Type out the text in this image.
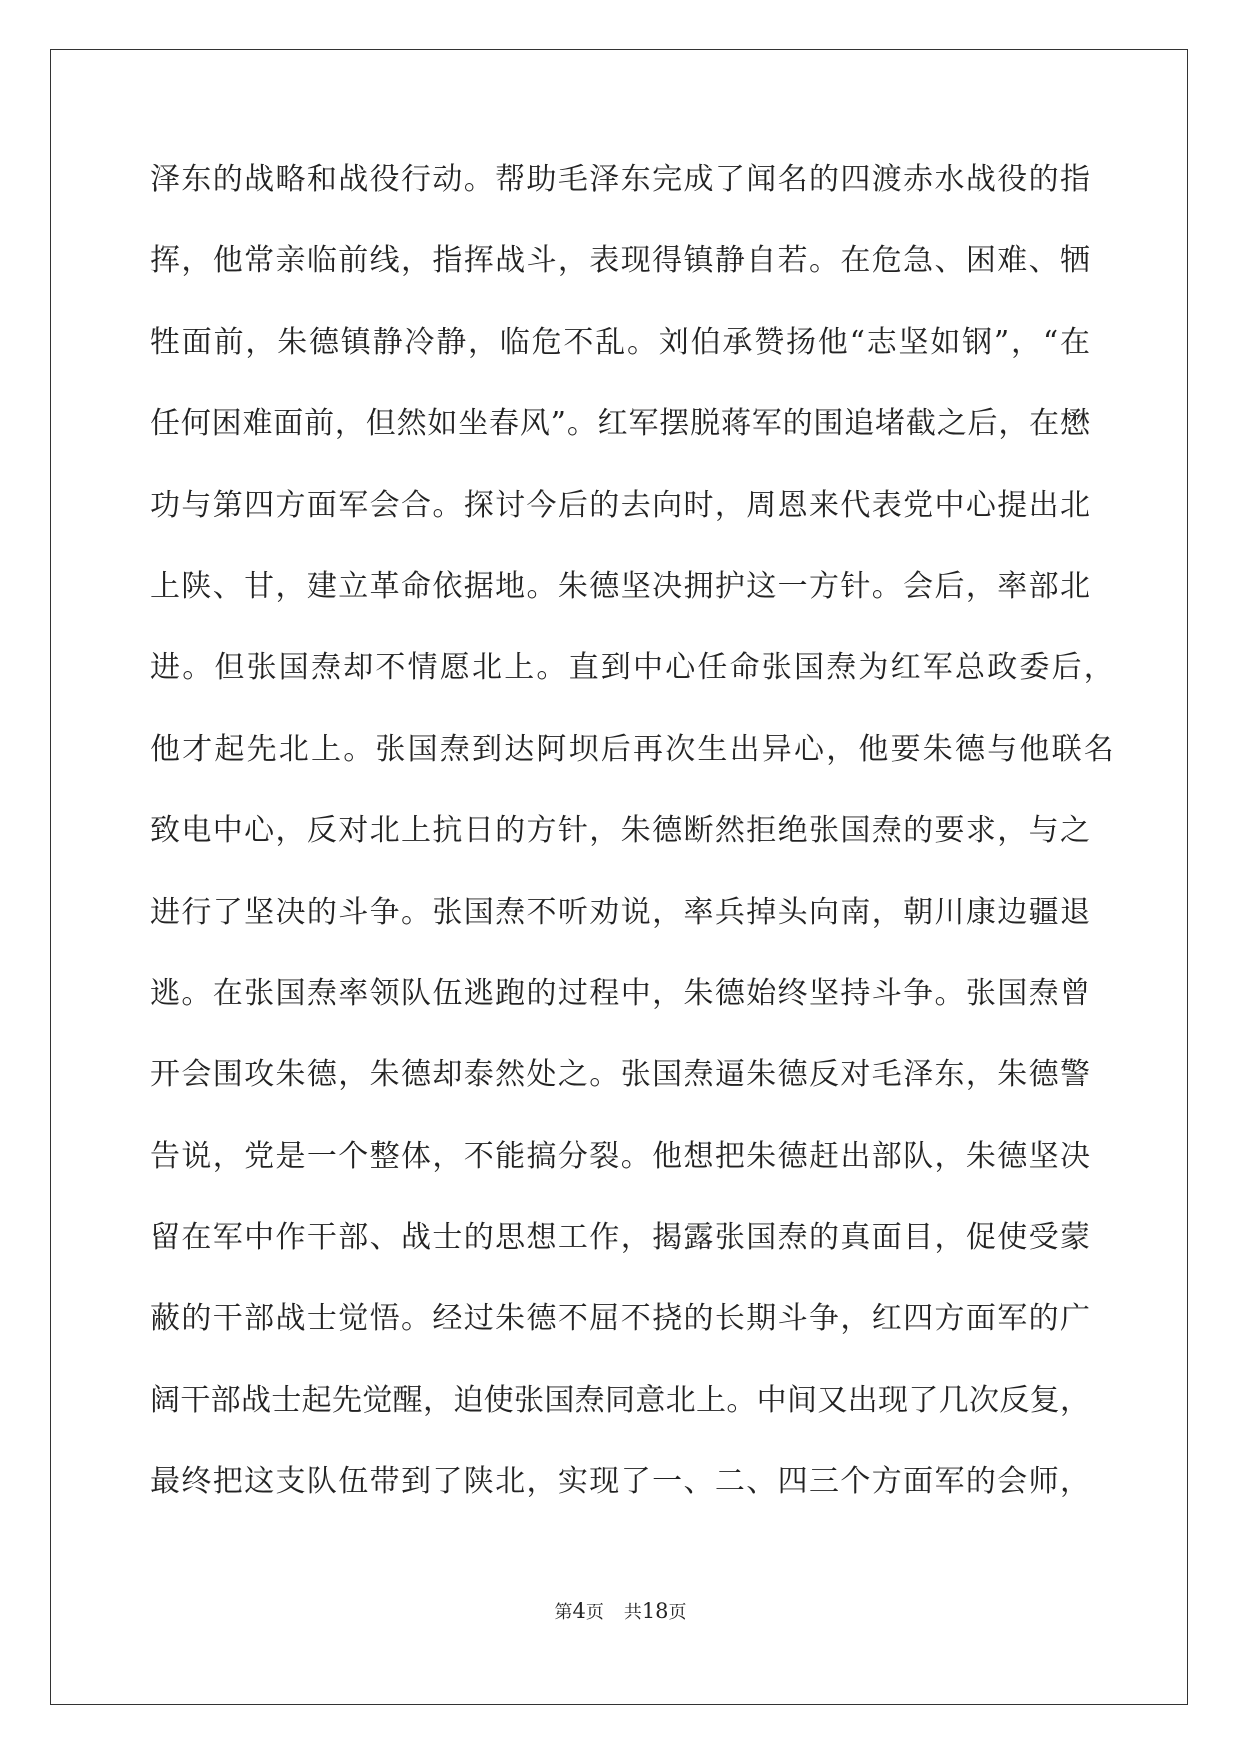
泽东的战略和战役行动。帮助毛泽东完成了闻名的四渡赤水战役的指
挥，他常亲临前线，指挥战斗，表现得镇静自若。在危急、困难、牺
牲面前，朱德镇静冷静，临危不乱。刘伯承赞扬他“志坚如钢”，“在
任何困难面前，但然如坐春风”。红军摆脱蒋军的围追堵截之后，在懋
功与第四方面军会合。探讨今后的去向时，周恩来代表党中心提出北
上陕、甘，建立革命依据地。朱德坚决拥护这一方针。会后，率部北
进。但张国焘却不情愿北上。直到中心任命张国焘为红军总政委后，
他才起先北上。张国焘到达阿坝后再次生出异心，他要朱德与他联名
致电中心，反对北上抗日的方针，朱德断然拒绝张国焘的要求，与之
进行了坚决的斗争。张国焘不听劝说，率兵掉头向南，朝川康边疆退
逃。在张国焘率领队伍逃跑的过程中，朱德始终坚持斗争。张国焘曾
开会围攻朱德，朱德却泰然处之。张国焘逼朱德反对毛泽东，朱德警
告说，党是一个整体，不能搞分裂。他想把朱德赶出部队，朱德坚决
留在军中作干部、战士的思想工作，揭露张国焘的真面目，促使受蒙
蔽的干部战士觉悟。经过朱德不屈不挠的长期斗争，红四方面军的广
阔干部战士起先觉醒，迫使张国焘同意北上。中间又出现了几次反复，
最终把这支队伍带到了陕北，实现了一、二、四三个方面军的会师，
第4页 共18页
